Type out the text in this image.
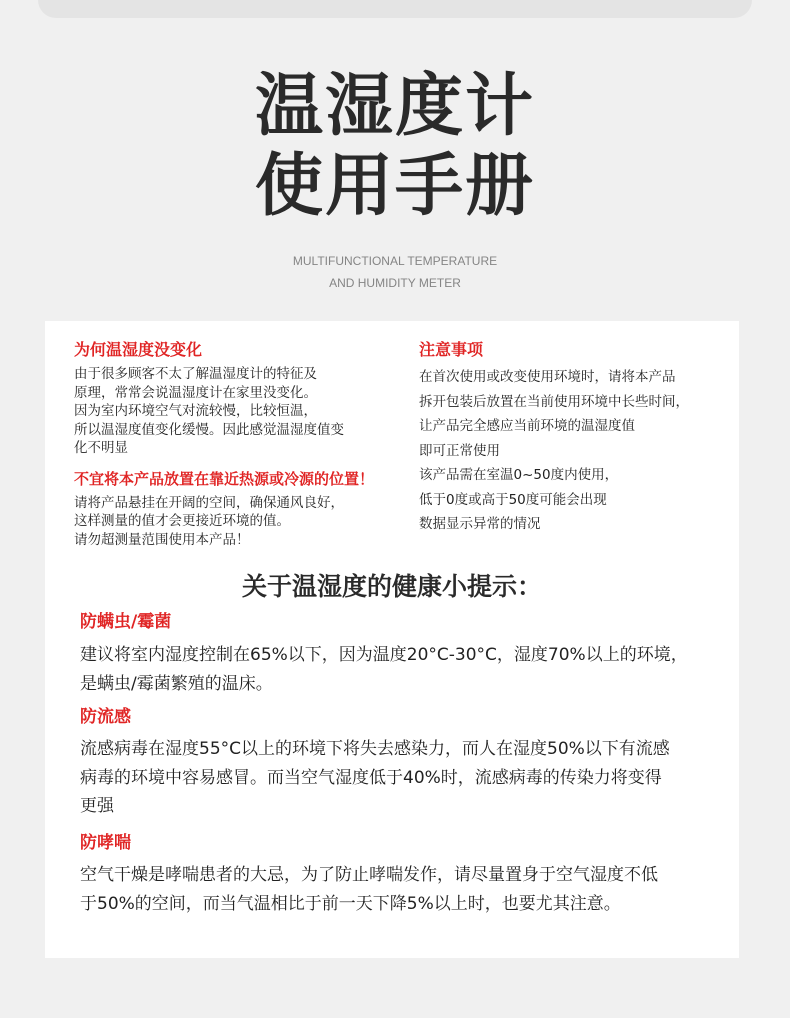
温湿度计
使用手册
MULTIFUNCTIONAL TEMPERATURE
AND HUMIDITY METER
为何温湿度没变化

由于很多顾客不太了解温湿度计的特征及

原理，常常会说温湿度计在家里没变化。

因为室内环境空气对流较慢，比较恒温，

所以温湿度值变化缓慢。因此感觉温湿度值变

化不明显

不宜将本产品放置在靠近热源或冷源的位置！

请将产品悬挂在开阔的空间，确保通风良好，

这样测量的值才会更接近环境的值。

请勿超测量范围使用本产品！

注意事项

在首次使用或改变使用环境时，请将本产品

拆开包装后放置在当前使用环境中长些时间，

让产品完全感应当前环境的温湿度值

即可正常使用

该产品需在室温0~50度内使用，

低于0度或高于50度可能会出现

数据显示异常的情况

关于温湿度的健康小提示：
防螨虫/霉菌
建议将室内湿度控制在65%以下，因为温度20°C-30°C，湿度70%以上的环境，
是螨虫/霉菌繁殖的温床。
防流感
流感病毒在湿度55°C以上的环境下将失去感染力，而人在湿度50%以下有流感
病毒的环境中容易感冒。而当空气湿度低于40%时，流感病毒的传染力将变得
更强
防哮喘
空气干燥是哮喘患者的大忌，为了防止哮喘发作，请尽量置身于空气湿度不低
于50%的空间，而当气温相比于前一天下降5%以上时，也要尤其注意。
